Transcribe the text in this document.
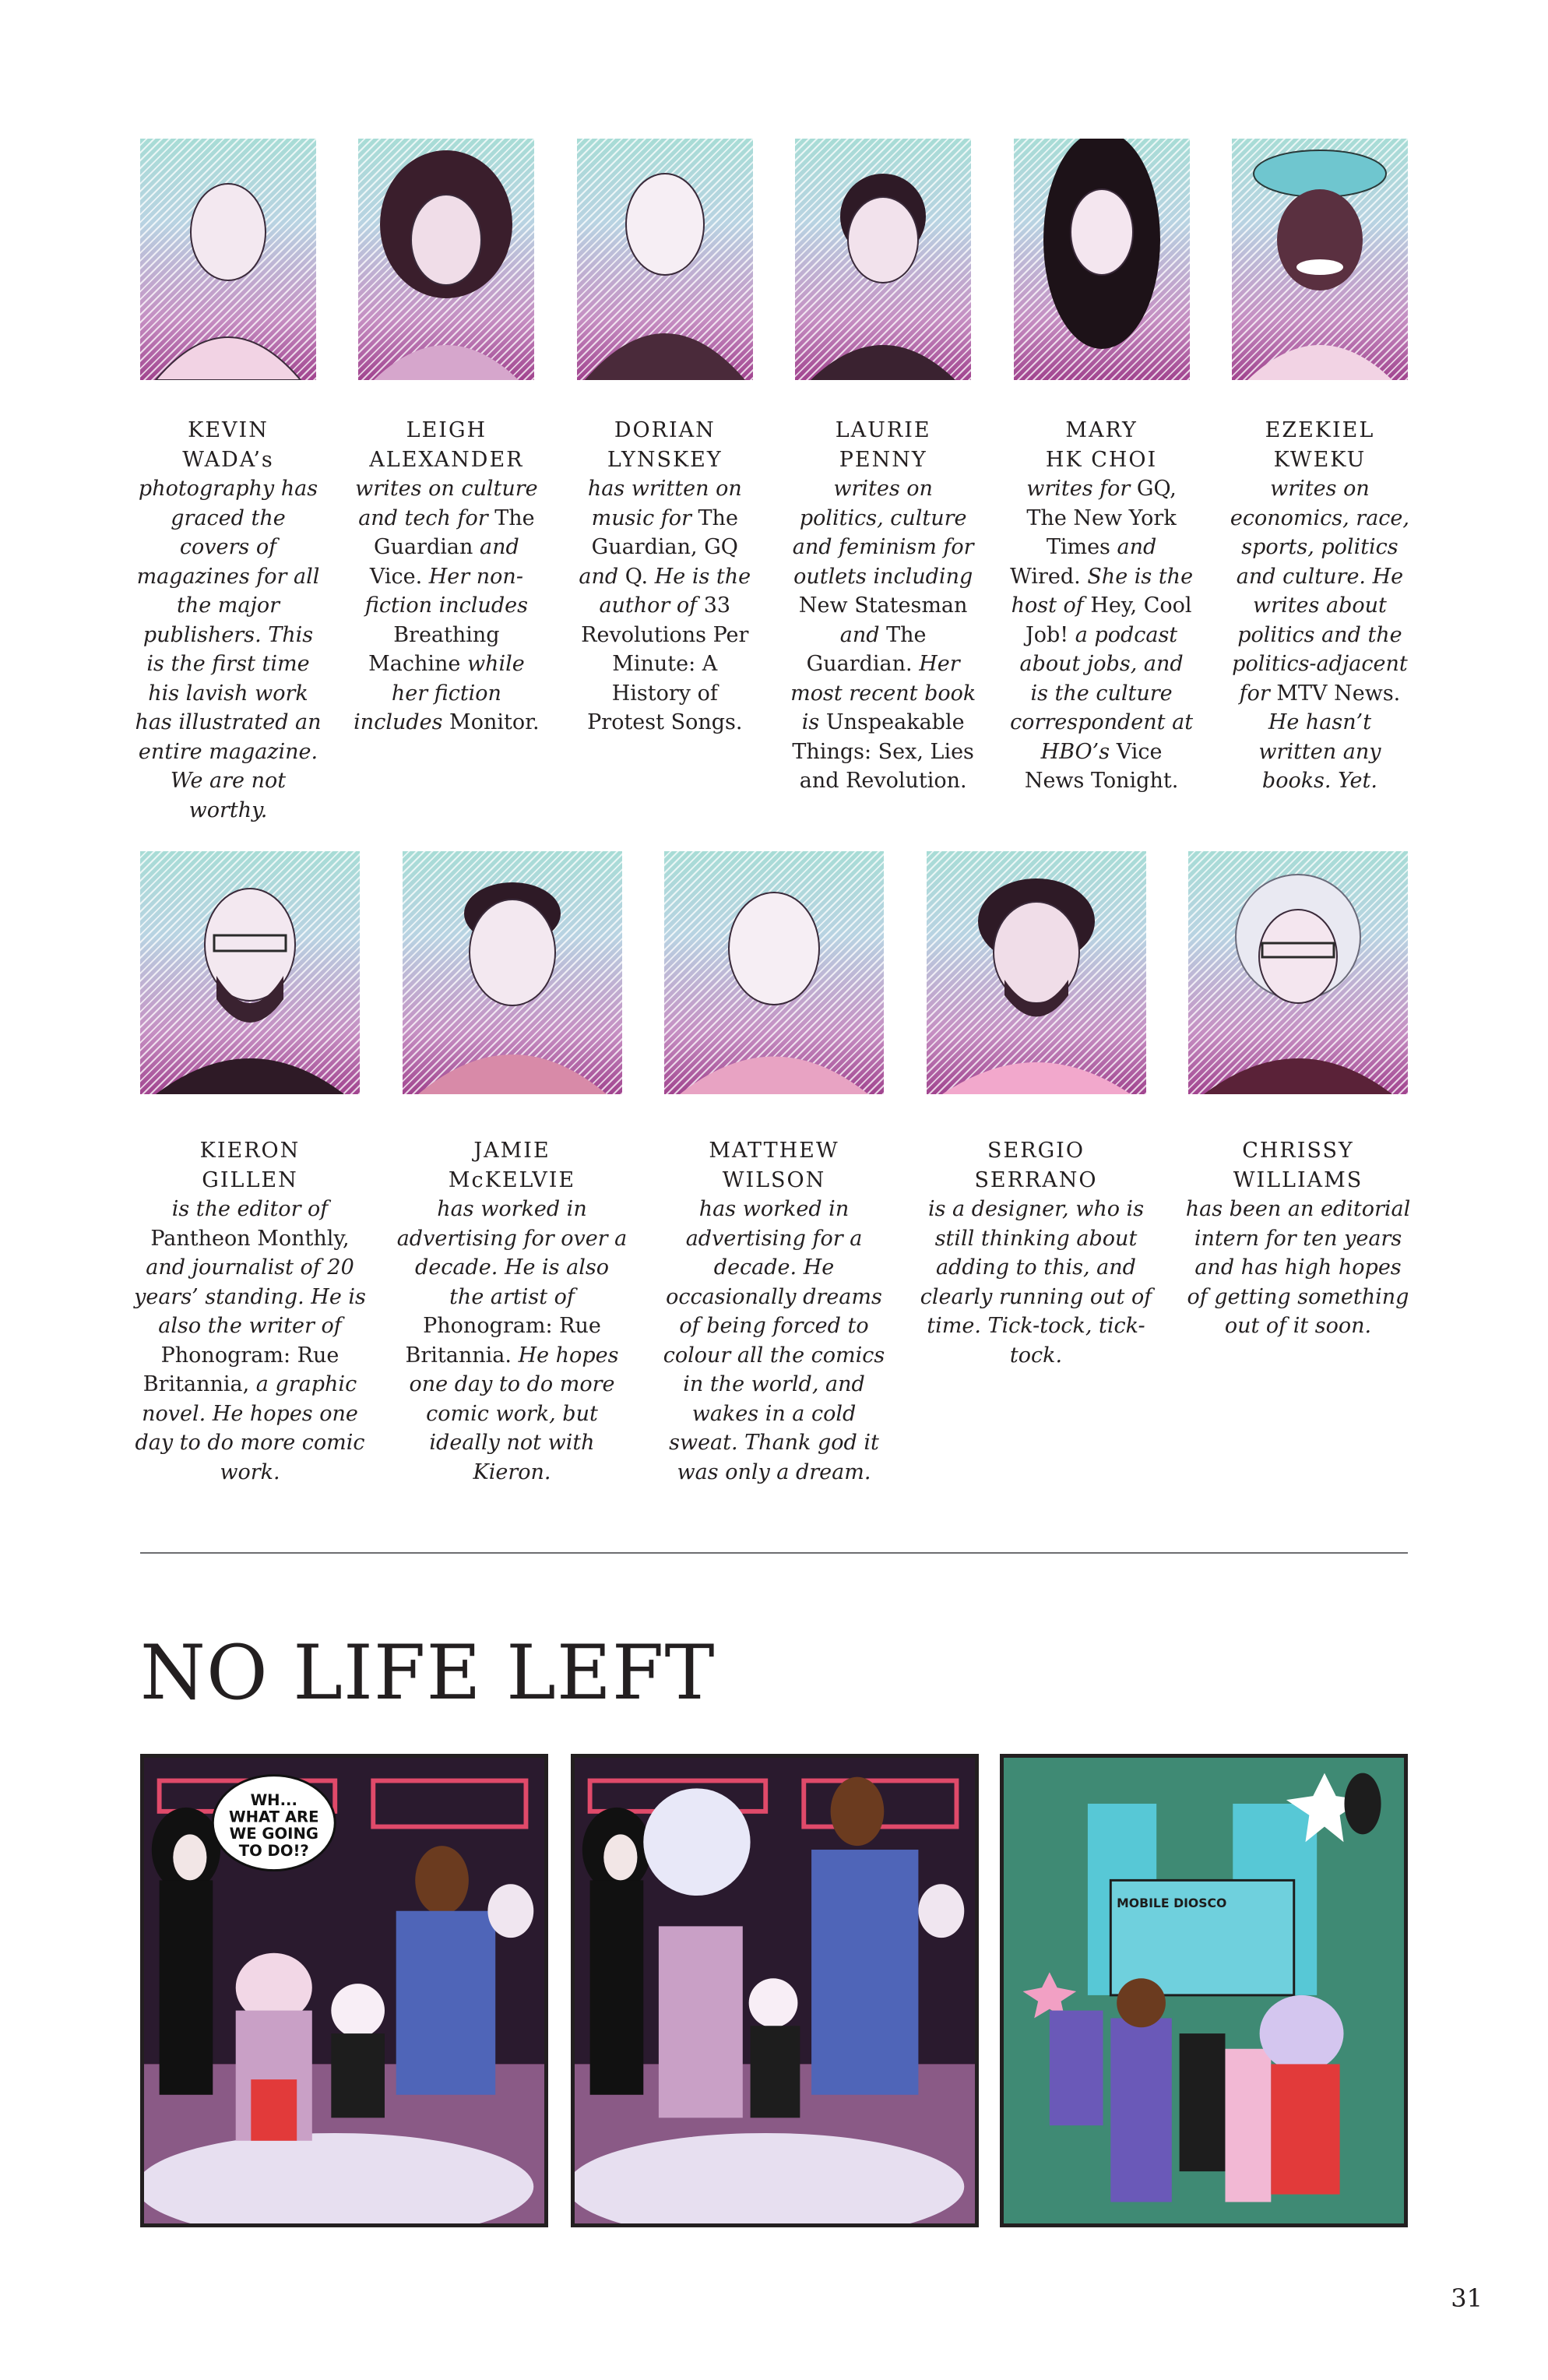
KEVIN
WADA’s
photography has graced the covers of magazines for all the major publishers. This is the first time his lavish work has illustrated an entire magazine. We are not worthy.
LEIGH
ALEXANDER
writes on culture and tech for The Guardian and Vice. Her non-fiction includes Breathing Machine while her fiction includes Monitor.
DORIAN
LYNSKEY
has written on music for The Guardian, GQ and Q. He is the author of 33 Revolutions Per Minute: A History of Protest Songs.
LAURIE
PENNY
writes on politics, culture and feminism for outlets including New Statesman and The Guardian. Her most recent book is Unspeakable Things: Sex, Lies and Revolution.
MARY
HK CHOI
writes for GQ, The New York Times and Wired. She is the host of Hey, Cool Job! a podcast about jobs, and is the culture correspondent at HBO’s Vice News Tonight.
EZEKIEL
KWEKU
writes on economics, race, sports, politics and culture. He writes about politics and the politics-adjacent for MTV News. He hasn’t written any books. Yet.
KIERON
GILLEN
is the editor of Pantheon Monthly, and journalist of 20 years’ standing. He is also the writer of Phonogram: Rue Britannia, a graphic novel. He hopes one day to do more comic work.
JAMIE
McKELVIE
has worked in advertising for over a decade. He is also the artist of Phonogram: Rue Britannia. He hopes one day to do more comic work, but ideally not with Kieron.
MATTHEW
WILSON
has worked in advertising for a decade. He occasionally dreams of being forced to colour all the comics in the world, and wakes in a cold sweat. Thank god it was only a dream.
SERGIO
SERRANO
is a designer, who is still thinking about adding to this, and clearly running out of time. Tick-tock, tick-tock.
CHRISSY
WILLIAMS
has been an editorial intern for ten years and has high hopes of getting something out of it soon.
NO LIFE LEFT
WH...
WHAT ARE
WE GOING
TO DO!?
MOBILE DIOSCO
31
